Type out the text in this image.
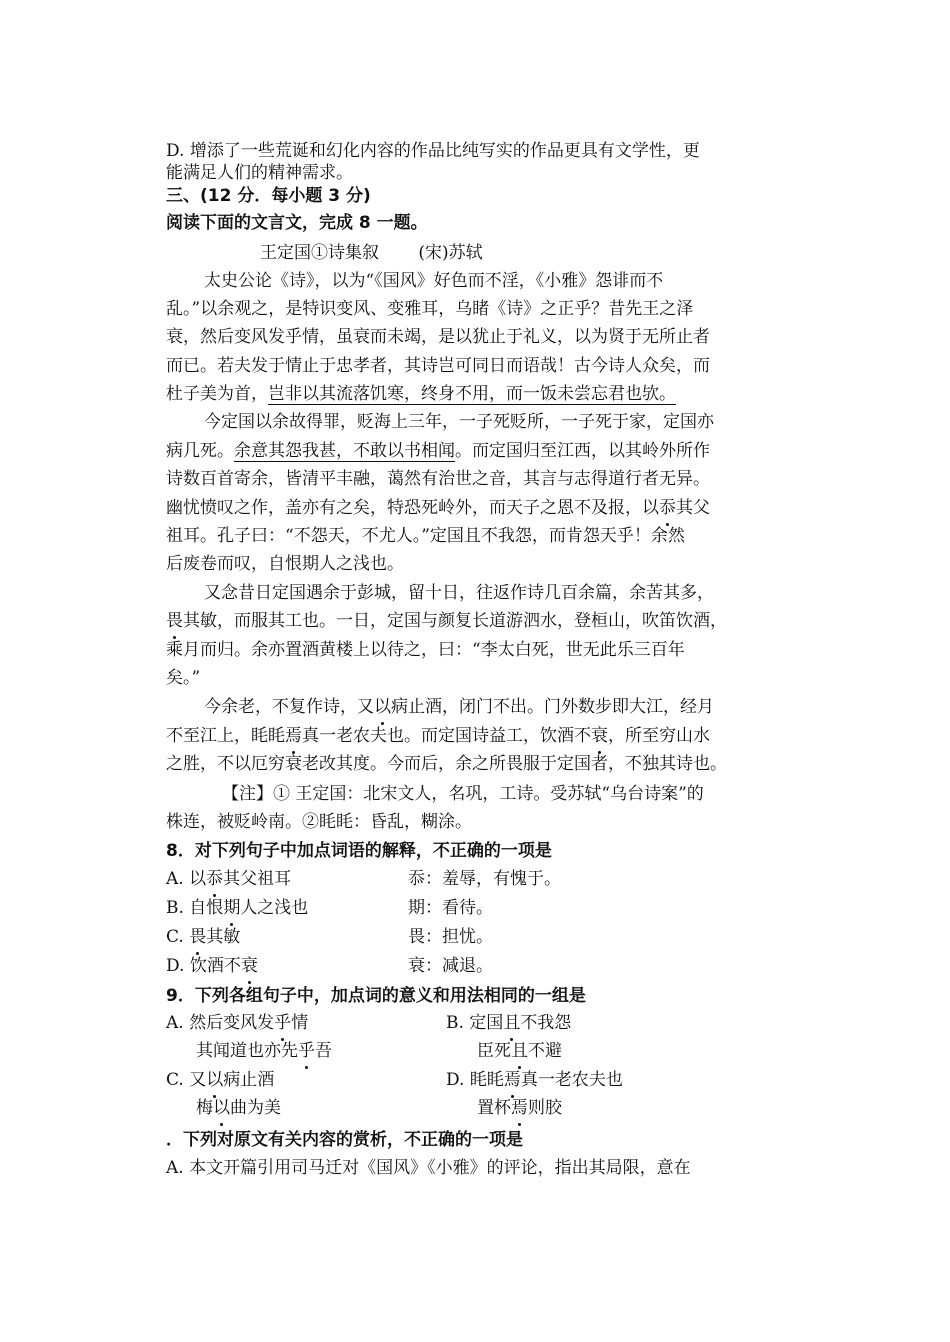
D. 增添了一些荒诞和幻化内容的作品比纯写实的作品更具有文学性，更
能满足人们的精神需求。
三、(12 分．每小题 3 分)
阅读下面的文言文，完成 8 一题。
王定国①诗集叙 (宋)苏轼
太史公论《诗》，以为“《国风》好色而不淫，《小雅》怨诽而不
乱。”以余观之，是特识变风、变雅耳，乌睹《诗》之正乎？昔先王之泽
衰，然后变风发乎情，虽衰而未竭，是以犹止于礼义，以为贤于无所止者
而已。若夫发于情止于忠孝者，其诗岂可同日而语哉！古今诗人众矣，而
杜子美为首，岂非以其流落饥寒，终身不用，而一饭未尝忘君也欤。
今定国以余故得罪，贬海上三年，一子死贬所，一子死于家，定国亦
病几死。余意其怨我甚，不敢以书相闻。而定国归至江西，以其岭外所作
诗数百首寄余，皆清平丰融，蔼然有治世之音，其言与志得道行者无异。
幽忧愤叹之作，盖亦有之矣，特恐死岭外，而天子之恩不及报，以忝其父
祖耳。孔子曰：“不怨天，不尤人。”定国且不我怨，而肯怨天乎！余然
后废卷而叹，自恨期人之浅也。
又念昔日定国遇余于彭城，留十日，往返作诗几百余篇，余苦其多，
畏其敏，而服其工也。一日，定国与颜复长道游泗水，登桓山，吹笛饮酒，
乘月而归。余亦置酒黄楼上以待之，曰：“李太白死，世无此乐三百年
矣。”
今余老，不复作诗，又以病止酒，闭门不出。门外数步即大江，经月
不至江上，眊眊焉真一老农夫也。而定国诗益工，饮酒不衰，所至穷山水
之胜，不以厄穷衰老改其度。今而后，余之所畏服于定国者，不独其诗也。
【注】① 王定国：北宋文人，名巩，工诗。受苏轼“乌台诗案”的
株连，被贬岭南。②眊眊：昏乱，糊涂。
8．对下列句子中加点词语的解释，不正确的一项是
A. 以忝其父祖耳	忝：羞辱，有愧于。
B. 自恨期人之浅也	期：看待。
C. 畏其敏	畏：担忧。
D. 饮酒不衰	衰：减退。
9．下列各组句子中，加点词的意义和用法相同的一组是
A. 然后变风发乎情	B. 定国且不我怨
其闻道也亦先乎吾	臣死且不避
C. 又以病止酒	D. 眊眊焉真一老农夫也
梅以曲为美	置杯焉则胶
．下列对原文有关内容的赏析，不正确的一项是
A. 本文开篇引用司马迁对《国风》《小雅》的评论，指出其局限，意在
